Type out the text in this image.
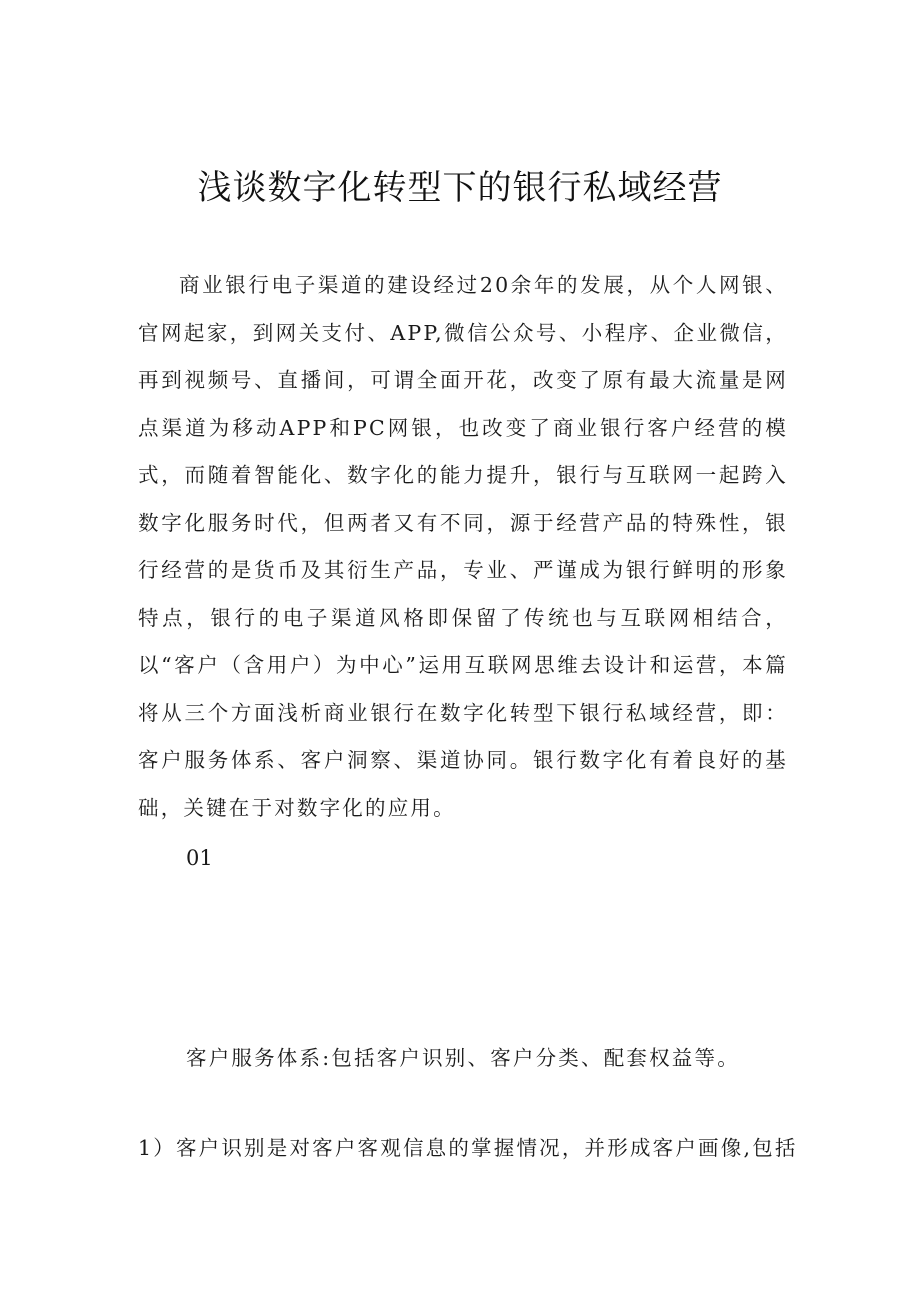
浅谈数字化转型下的银行私域经营

商业银行电子渠道的建设经过20余年的发展，从个人网银、官网起家，到网关支付、APP,微信公众号、小程序、企业微信，再到视频号、直播间，可谓全面开花，改变了原有最大流量是网点渠道为移动APP和PC网银，也改变了商业银行客户经营的模式，而随着智能化、数字化的能力提升，银行与互联网一起跨入数字化服务时代，但两者又有不同，源于经营产品的特殊性，银行经营的是货币及其衍生产品，专业、严谨成为银行鲜明的形象特点，银行的电子渠道风格即保留了传统也与互联网相结合，以“客户（含用户）为中心”运用互联网思维去设计和运营，本篇将从三个方面浅析商业银行在数字化转型下银行私域经营，即：客户服务体系、客户洞察、渠道协同。银行数字化有着良好的基础，关键在于对数字化的应用。

01
客户服务体系:包括客户识别、客户分类、配套权益等。
1）客户识别是对客户客观信息的掌握情况，并形成客户画像,包括
